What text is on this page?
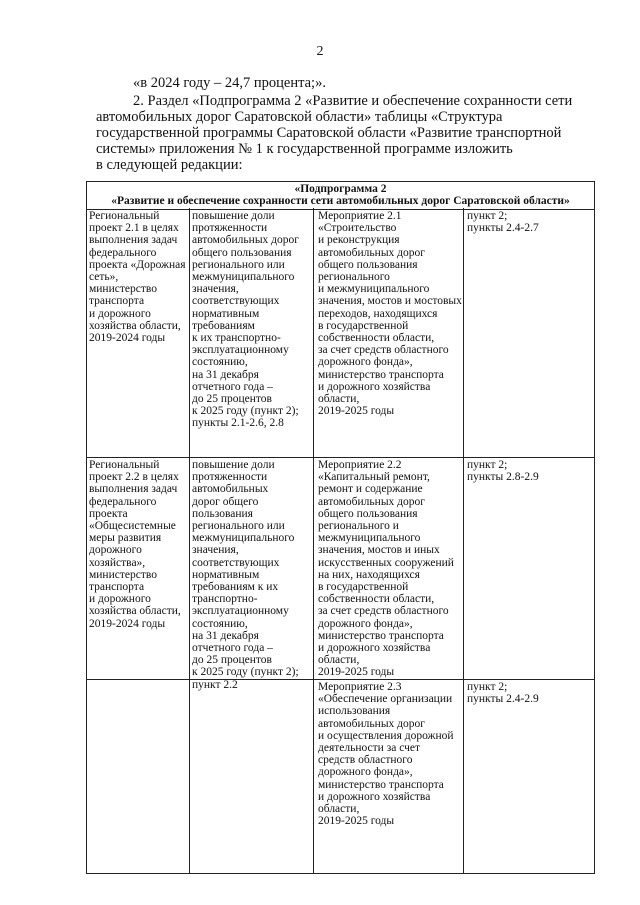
2
«в 2024 году – 24,7 процента;».
2. Раздел «Подпрограмма 2 «Развитие и обеспечение сохранности сети
автомобильных дорог Саратовской области» таблицы «Структура
государственной программы Саратовской области «Развитие транспортной
системы» приложения № 1 к государственной программе изложить
в следующей редакции:
«Подпрограмма 2
«Развитие и обеспечение сохранности сети автомобильных дорог Саратовской области»
Региональный
проект 2.1 в целях
выполнения задач
федерального
проекта «Дорожная
сеть»,
министерство
транспорта
и дорожного
хозяйства области,
2019-2024 годы
повышение доли
протяженности
автомобильных дорог
общего пользования
регионального или
межмуниципального
значения,
соответствующих
нормативным
требованиям
к их транспортно-
эксплуатационному
состоянию,
на 31 декабря
отчетного года –
до 25 процентов
к 2025 году (пункт 2);
пункты 2.1-2.6, 2.8
Мероприятие 2.1
«Строительство
и реконструкция
автомобильных дорог
общего пользования
регионального
и межмуниципального
значения, мостов и мостовых
переходов, находящихся
в государственной
собственности области,
за счет средств областного
дорожного фонда»,
министерство транспорта
и дорожного хозяйства
области,
2019-2025 годы
пункт 2;
пункты 2.4-2.7
Региональный
проект 2.2 в целях
выполнения задач
федерального
проекта
«Общесистемные
меры развития
дорожного
хозяйства»,
министерство
транспорта
и дорожного
хозяйства области,
2019-2024 годы
повышение доли
протяженности
автомобильных
дорог общего
пользования
регионального или
межмуниципального
значения,
соответствующих
нормативным
требованиям к их
транспортно-
эксплуатационному
состоянию,
на 31 декабря
отчетного года –
до 25 процентов
к 2025 году (пункт 2);
пункт 2.2
Мероприятие 2.2
«Капитальный ремонт,
ремонт и содержание
автомобильных дорог
общего пользования
регионального и
межмуниципального
значения, мостов и иных
искусственных сооружений
на них, находящихся
в государственной
собственности области,
за счет средств областного
дорожного фонда»,
министерство транспорта
и дорожного хозяйства
области,
2019-2025 годы
пункт 2;
пункты 2.8-2.9
Мероприятие 2.3
«Обеспечение организации
использования
автомобильных дорог
и осуществления дорожной
деятельности за счет
средств областного
дорожного фонда»,
министерство транспорта
и дорожного хозяйства
области,
2019-2025 годы
пункт 2;
пункты 2.4-2.9
